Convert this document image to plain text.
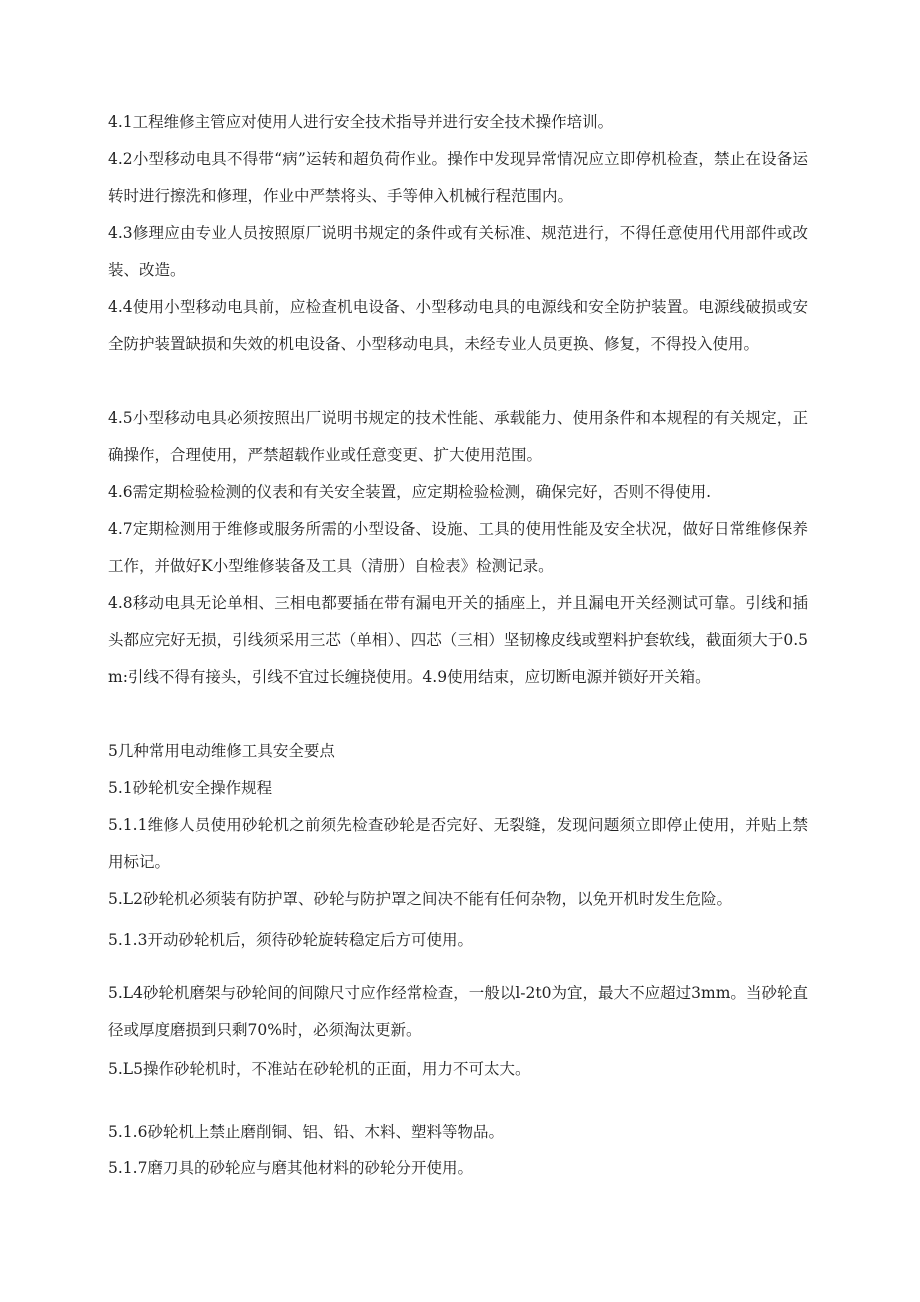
4.1工程维修主管应对使用人进行安全技术指导并进行安全技术操作培训。

4.2小型移动电具不得带“病”运转和超负荷作业。操作中发现异常情况应立即停机检查，禁止在设备运转时进行擦洗和修理，作业中严禁将头、手等伸入机械行程范围内。

4.3修理应由专业人员按照原厂说明书规定的条件或有关标准、规范进行，不得任意使用代用部件或改装、改造。

4.4使用小型移动电具前，应检查机电设备、小型移动电具的电源线和安全防护装置。电源线破损或安全防护装置缺损和失效的机电设备、小型移动电具，未经专业人员更换、修复，不得投入使用。

4.5小型移动电具必须按照出厂说明书规定的技术性能、承载能力、使用条件和本规程的有关规定，正确操作，合理使用，严禁超载作业或任意变更、扩大使用范围。

4.6需定期检验检测的仪表和有关安全装置，应定期检验检测，确保完好，否则不得使用.

4.7定期检测用于维修或服务所需的小型设备、设施、工具的使用性能及安全状况，做好日常维修保养工作，并做好K小型维修装备及工具（清册）自检表》检测记录。

4.8移动电具无论单相、三相电都要插在带有漏电开关的插座上，并且漏电开关经测试可靠。引线和插头都应完好无损，引线须采用三芯（单相）、四芯（三相）坚韧橡皮线或塑料护套软线，截面须大于0.5m:引线不得有接头，引线不宜过长缠挠使用。4.9使用结束，应切断电源并锁好开关箱。

5几种常用电动维修工具安全要点

5.1砂轮机安全操作规程

5.1.1维修人员使用砂轮机之前须先检查砂轮是否完好、无裂缝，发现问题须立即停止使用，并贴上禁用标记。

5.L2砂轮机必须装有防护罩、砂轮与防护罩之间决不能有任何杂物，以免开机时发生危险。

5.1.3开动砂轮机后，须待砂轮旋转稳定后方可使用。

5.L4砂轮机磨架与砂轮间的间隙尺寸应作经常检查，一般以l-2t0为宜，最大不应超过3mm。当砂轮直径或厚度磨损到只剩70%时，必须淘汰更新。

5.L5操作砂轮机时，不准站在砂轮机的正面，用力不可太大。

5.1.6砂轮机上禁止磨削铜、铝、铅、木料、塑料等物品。

5.1.7磨刀具的砂轮应与磨其他材料的砂轮分开使用。
